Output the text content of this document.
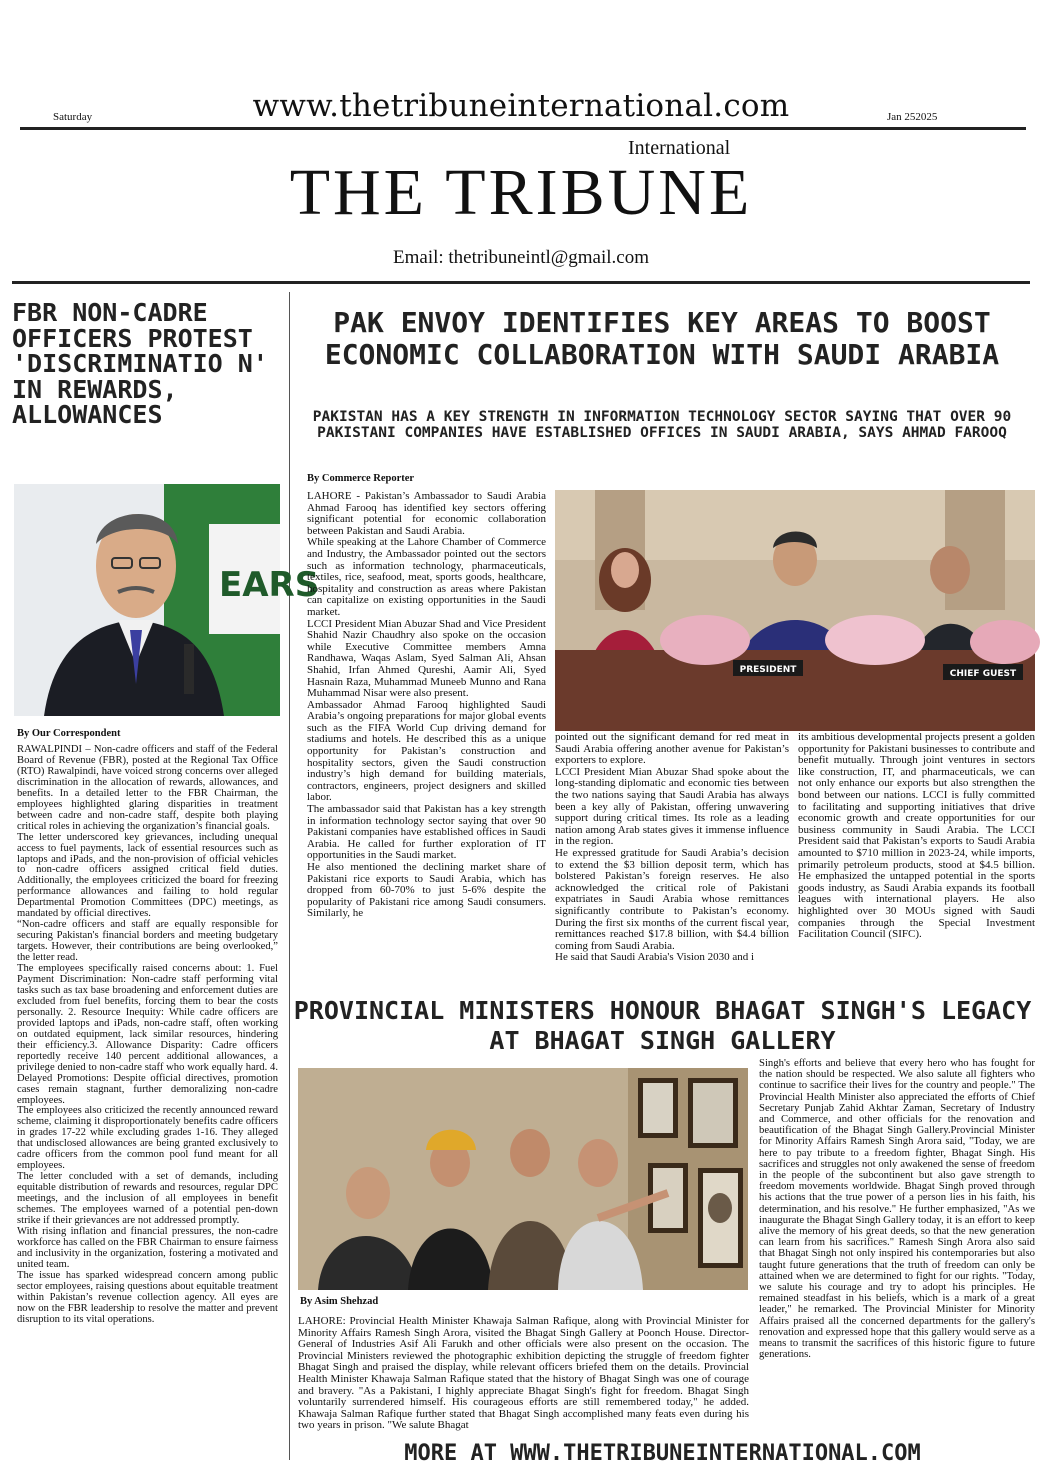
Saturday	www.thetribuneinternational.com	Jan 252025
International
THE TRIBUNE
Email: thetribuneintl@gmail.com
FBR NON-CADRE OFFICERS PROTEST 'DISCRIMINATIO N' IN REWARDS, ALLOWANCES
EARS
By Our Correspondent

RAWALPINDI – Non-cadre officers and staff of the Federal Board of Revenue (FBR), posted at the Regional Tax Office (RTO) Rawalpindi, have voiced strong concerns over alleged discrimination in the allocation of rewards, allowances, and benefits. In a detailed letter to the FBR Chairman, the employees highlighted glaring disparities in treatment between cadre and non-cadre staff, despite both playing critical roles in achieving the organization’s financial goals.
The letter underscored key grievances, including unequal access to fuel payments, lack of essential resources such as laptops and iPads, and the non-provision of official vehicles to non-cadre officers assigned critical field duties. Additionally, the employees criticized the board for freezing performance allowances and failing to hold regular Departmental Promotion Committees (DPC) meetings, as mandated by official directives.
“Non-cadre officers and staff are equally responsible for securing Pakistan's financial borders and meeting budgetary targets. However, their contributions are being overlooked,” the letter read.
The employees specifically raised concerns about: 1. Fuel Payment Discrimination: Non-cadre staff performing vital tasks such as tax base broadening and enforcement duties are excluded from fuel benefits, forcing them to bear the costs personally. 2. Resource Inequity: While cadre officers are provided laptops and iPads, non-cadre staff, often working on outdated equipment, lack similar resources, hindering their efficiency.3. Allowance Disparity: Cadre officers reportedly receive 140 percent additional allowances, a privilege denied to non-cadre staff who work equally hard. 4. Delayed Promotions: Despite official directives, promotion cases remain stagnant, further demoralizing non-cadre employees.
The employees also criticized the recently announced reward scheme, claiming it disproportionately benefits cadre officers in grades 17-22 while excluding grades 1-16. They alleged that undisclosed allowances are being granted exclusively to cadre officers from the common pool fund meant for all employees.
The letter concluded with a set of demands, including equitable distribution of rewards and resources, regular DPC meetings, and the inclusion of all employees in benefit schemes. The employees warned of a potential pen-down strike if their grievances are not addressed promptly.
With rising inflation and financial pressures, the non-cadre workforce has called on the FBR Chairman to ensure fairness and inclusivity in the organization, fostering a motivated and united team.
The issue has sparked widespread concern among public sector employees, raising questions about equitable treatment within Pakistan’s revenue collection agency. All eyes are now on the FBR leadership to resolve the matter and prevent disruption to its vital operations.

PAK ENVOY IDENTIFIES KEY AREAS TO BOOST ECONOMIC COLLABORATION WITH SAUDI ARABIA
PAKISTAN HAS A KEY STRENGTH IN INFORMATION TECHNOLOGY SECTOR SAYING THAT OVER 90 PAKISTANI COMPANIES HAVE ESTABLISHED OFFICES IN SAUDI ARABIA, SAYS AHMAD FAROOQ
By Commerce Reporter

LAHORE - Pakistan’s Ambassador to Saudi Arabia Ahmad Farooq has identified key sectors offering significant potential for economic collaboration between Pakistan and Saudi Arabia.
While speaking at the Lahore Chamber of Commerce and Industry, the Ambassador pointed out the sectors such as information technology, pharmaceuticals, textiles, rice, seafood, meat, sports goods, healthcare, hospitality and construction as areas where Pakistan can capitalize on existing opportunities in the Saudi market.
LCCI President Mian Abuzar Shad and Vice President Shahid Nazir Chaudhry also spoke on the occasion while Executive Committee members Amna Randhawa, Waqas Aslam, Syed Salman Ali, Ahsan Shahid, Irfan Ahmed Qureshi, Aamir Ali, Syed Hasnain Raza, Muhammad Muneeb Munno and Rana Muhammad Nisar were also present.
Ambassador Ahmad Farooq highlighted Saudi Arabia’s ongoing preparations for major global events such as the FIFA World Cup driving demand for stadiums and hotels. He described this as a unique opportunity for Pakistan’s construction and hospitality sectors, given the Saudi construction industry’s high demand for building materials, contractors, engineers, project designers and skilled labor.
The ambassador said that Pakistan has a key strength in information technology sector saying that over 90 Pakistani companies have established offices in Saudi Arabia. He called for further exploration of IT opportunities in the Saudi market.
He also mentioned the declining market share of Pakistani rice exports to Saudi Arabia, which has dropped from 60-70% to just 5-6% despite the popularity of Pakistani rice among Saudi consumers. Similarly, he

PRESIDENT	CHIEF GUEST

pointed out the significant demand for red meat in Saudi Arabia offering another avenue for Pakistan’s exporters to explore.
LCCI President Mian Abuzar Shad spoke about the long-standing diplomatic and economic ties between the two nations saying that Saudi Arabia has always been a key ally of Pakistan, offering unwavering support during critical times. Its role as a leading nation among Arab states gives it immense influence in the region.
He expressed gratitude for Saudi Arabia’s decision to extend the $3 billion deposit term, which has bolstered Pakistan’s foreign reserves. He also acknowledged the critical role of Pakistani expatriates in Saudi Arabia whose remittances significantly contribute to Pakistan’s economy. During the first six months of the current fiscal year, remittances reached $17.8 billion, with $4.4 billion coming from Saudi Arabia.
He said that Saudi Arabia's Vision 2030 and i

its ambitious developmental projects present a golden opportunity for Pakistani businesses to contribute and benefit mutually. Through joint ventures in sectors like construction, IT, and pharmaceuticals, we can not only enhance our exports but also strengthen the bond between our nations. LCCI is fully committed to facilitating and supporting initiatives that drive economic growth and create opportunities for our business community in Saudi Arabia. The LCCI President said that Pakistan’s exports to Saudi Arabia amounted to $710 million in 2023-24, while imports, primarily petroleum products, stood at $4.5 billion. He emphasized the untapped potential in the sports goods industry, as Saudi Arabia expands its football leagues with international players. He also highlighted over 30 MOUs signed with Saudi companies through the Special Investment Facilitation Council (SIFC).

PROVINCIAL MINISTERS HONOUR BHAGAT SINGH'S LEGACY AT BHAGAT SINGH GALLERY
By Asim Shehzad

LAHORE: Provincial Health Minister Khawaja Salman Rafique, along with Provincial Minister for Minority Affairs Ramesh Singh Arora, visited the Bhagat Singh Gallery at Poonch House. Director-General of Industries Asif Ali Farukh and other officials were also present on the occasion. The Provincial Ministers reviewed the photographic exhibition depicting the struggle of freedom fighter Bhagat Singh and praised the display, while relevant officers briefed them on the details. Provincial Health Minister Khawaja Salman Rafique stated that the history of Bhagat Singh was one of courage and bravery. "As a Pakistani, I highly appreciate Bhagat Singh's fight for freedom. Bhagat Singh voluntarily surrendered himself. His courageous efforts are still remembered today," he added. Khawaja Salman Rafique further stated that Bhagat Singh accomplished many feats even during his two years in prison. "We salute Bhagat

Singh's efforts and believe that every hero who has fought for the nation should be respected. We also salute all fighters who continue to sacrifice their lives for the country and people." The Provincial Health Minister also appreciated the efforts of Chief Secretary Punjab Zahid Akhtar Zaman, Secretary of Industry and Commerce, and other officials for the renovation and beautification of the Bhagat Singh Gallery.Provincial Minister for Minority Affairs Ramesh Singh Arora said, "Today, we are here to pay tribute to a freedom fighter, Bhagat Singh. His sacrifices and struggles not only awakened the sense of freedom in the people of the subcontinent but also gave strength to freedom movements worldwide. Bhagat Singh proved through his actions that the true power of a person lies in his faith, his determination, and his resolve." He further emphasized, "As we inaugurate the Bhagat Singh Gallery today, it is an effort to keep alive the memory of his great deeds, so that the new generation can learn from his sacrifices." Ramesh Singh Arora also said that Bhagat Singh not only inspired his contemporaries but also taught future generations that the truth of freedom can only be attained when we are determined to fight for our rights. "Today, we salute his courage and try to adopt his principles. He remained steadfast in his beliefs, which is a mark of a great leader," he remarked. The Provincial Minister for Minority Affairs praised all the concerned departments for the gallery's renovation and expressed hope that this gallery would serve as a means to transmit the sacrifices of this historic figure to future generations.

MORE AT WWW.THETRIBUNEINTERNATIONAL.COM
